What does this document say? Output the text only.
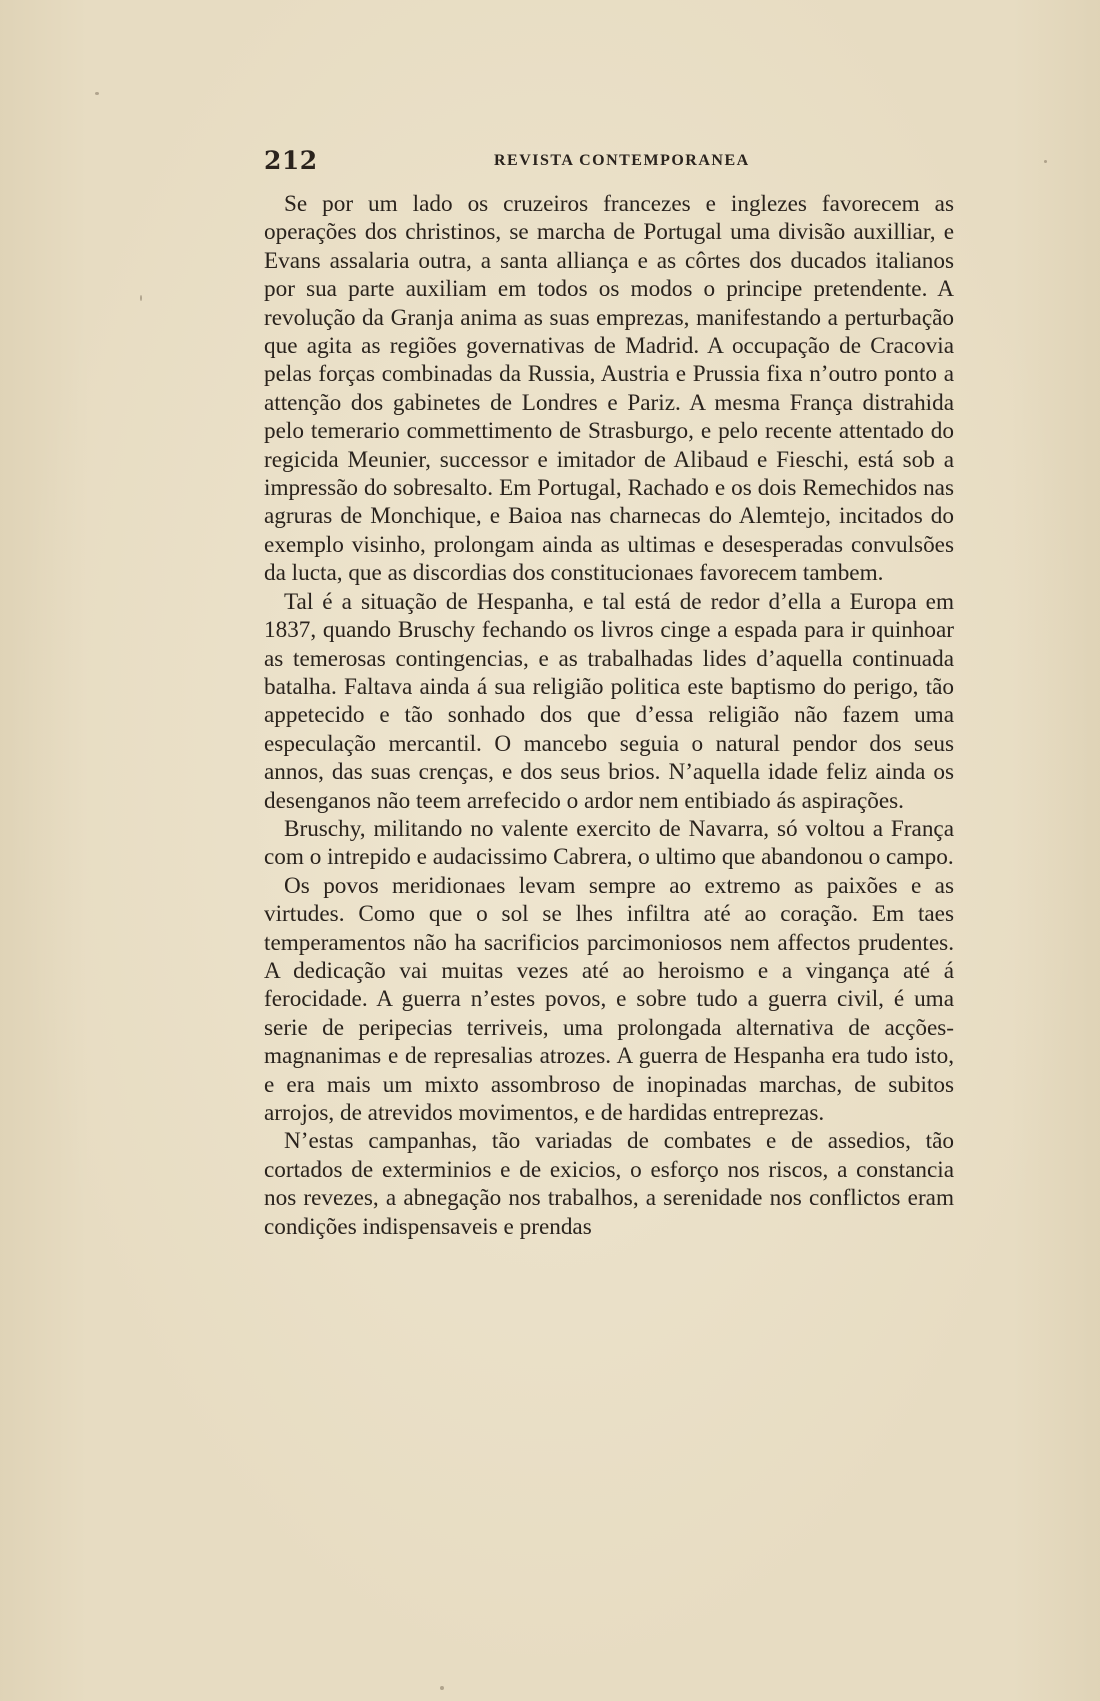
212	REVISTA CONTEMPORANEA

Se por um lado os cruzeiros francezes e inglezes favorecem as operações dos christinos, se marcha de Portugal uma divisão auxilliar, e Evans assalaria outra, a santa alliança e as côrtes dos ducados italianos por sua parte auxiliam em todos os modos o principe pretendente. A revolução da Granja anima as suas emprezas, manifestando a perturbação que agita as regiões governativas de Madrid. A occupação de Cracovia pelas forças combinadas da Russia, Austria e Prussia fixa n’outro ponto a attenção dos gabinetes de Londres e Pariz. A mesma França distrahida pelo temerario commettimento de Strasburgo, e pelo recente attentado do regicida Meunier, successor e imitador de Alibaud e Fieschi, está sob a impressão do sobresalto. Em Portugal, Rachado e os dois Remechidos nas agruras de Monchique, e Baioa nas charnecas do Alemtejo, incitados do exemplo visinho, prolongam ainda as ultimas e desesperadas convulsões da lucta, que as discordias dos constitucionaes favorecem tambem.

Tal é a situação de Hespanha, e tal está de redor d’ella a Europa em 1837, quando Bruschy fechando os livros cinge a espada para ir quinhoar as temerosas contingencias, e as trabalhadas lides d’aquella continuada batalha. Faltava ainda á sua religião politica este baptismo do perigo, tão appetecido e tão sonhado dos que d’essa religião não fazem uma especulação mercantil. O mancebo seguia o natural pendor dos seus annos, das suas crenças, e dos seus brios. N’aquella idade feliz ainda os desenganos não teem arrefecido o ardor nem entibiado ás aspirações.

Bruschy, militando no valente exercito de Navarra, só voltou a França com o intrepido e audacissimo Cabrera, o ultimo que abandonou o campo.

Os povos meridionaes levam sempre ao extremo as paixões e as virtudes. Como que o sol se lhes infiltra até ao coração. Em taes temperamentos não ha sacrificios parcimoniosos nem affectos prudentes. A dedicação vai muitas vezes até ao heroismo e a vingança até á ferocidade. A guerra n’estes povos, e sobre tudo a guerra civil, é uma serie de peripecias terriveis, uma prolongada alternativa de acções-magnanimas e de represalias atrozes. A guerra de Hespanha era tudo isto, e era mais um mixto assombroso de inopinadas marchas, de subitos arrojos, de atrevidos movimentos, e de hardidas entreprezas.

N’estas campanhas, tão variadas de combates e de assedios, tão cortados de exterminios e de exicios, o esforço nos riscos, a constancia nos revezes, a abnegação nos trabalhos, a serenidade nos conflictos eram condições indispensaveis e prendas
